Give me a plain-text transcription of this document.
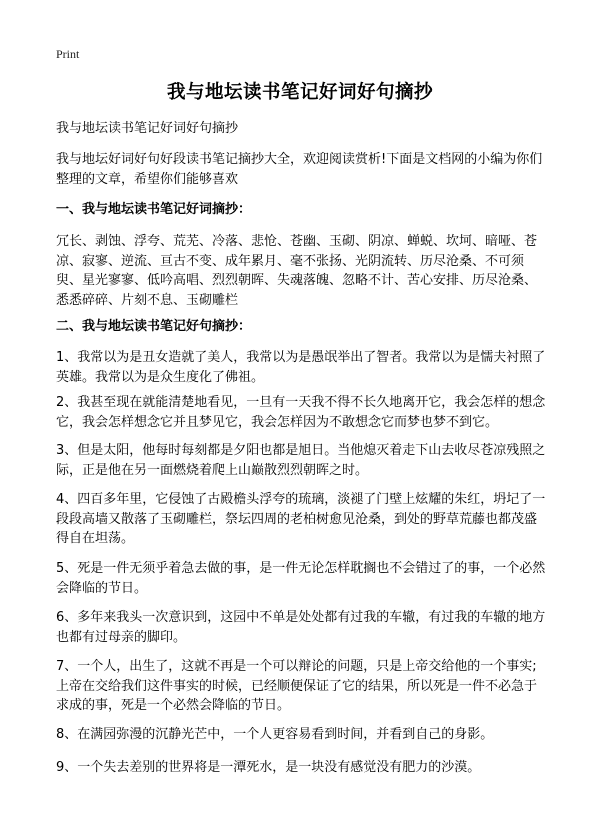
Print
我与地坛读书笔记好词好句摘抄
我与地坛读书笔记好词好句摘抄
我与地坛好词好句好段读书笔记摘抄大全，欢迎阅读赏析!下面是文档网的小编为你们整理的文章，希望你们能够喜欢
一、我与地坛读书笔记好词摘抄：
冗长、剥蚀、浮夸、荒芜、冷落、悲怆、苍幽、玉砌、阴凉、蝉蜕、坎坷、暗哑、苍凉、寂寥、逆流、亘古不变、成年累月、毫不张扬、光阴流转、历尽沧桑、不可须臾、星光寥寥、低吟高唱、烈烈朝晖、失魂落魄、忽略不计、苦心安排、历尽沧桑、悉悉碎碎、片刻不息、玉砌雕栏
二、我与地坛读书笔记好句摘抄：
1、我常以为是丑女造就了美人，我常以为是愚氓举出了智者。我常以为是懦夫衬照了英雄。我常以为是众生度化了佛祖。
2、我甚至现在就能清楚地看见，一旦有一天我不得不长久地离开它，我会怎样的想念它，我会怎样想念它并且梦见它，我会怎样因为不敢想念它而梦也梦不到它。
3、但是太阳，他每时每刻都是夕阳也都是旭日。当他熄灭着走下山去收尽苍凉残照之际，正是他在另一面燃烧着爬上山巅散烈烈朝晖之时。
4、四百多年里，它侵蚀了古殿檐头浮夸的琉璃，淡褪了门壁上炫耀的朱红，坍圮了一段段高墙又散落了玉砌雕栏，祭坛四周的老柏树愈见沧桑，到处的野草荒藤也都茂盛得自在坦荡。
5、死是一件无须乎着急去做的事，是一件无论怎样耽搁也不会错过了的事，一个必然会降临的节日。
6、多年来我头一次意识到，这园中不单是处处都有过我的车辙，有过我的车辙的地方也都有过母亲的脚印。
7、一个人，出生了，这就不再是一个可以辩论的问题，只是上帝交给他的一个事实;上帝在交给我们这件事实的时候，已经顺便保证了它的结果，所以死是一件不必急于求成的事，死是一个必然会降临的节日。
8、在满园弥漫的沉静光芒中，一个人更容易看到时间，并看到自己的身影。
9、一个失去差别的世界将是一潭死水，是一块没有感觉没有肥力的沙漠。
